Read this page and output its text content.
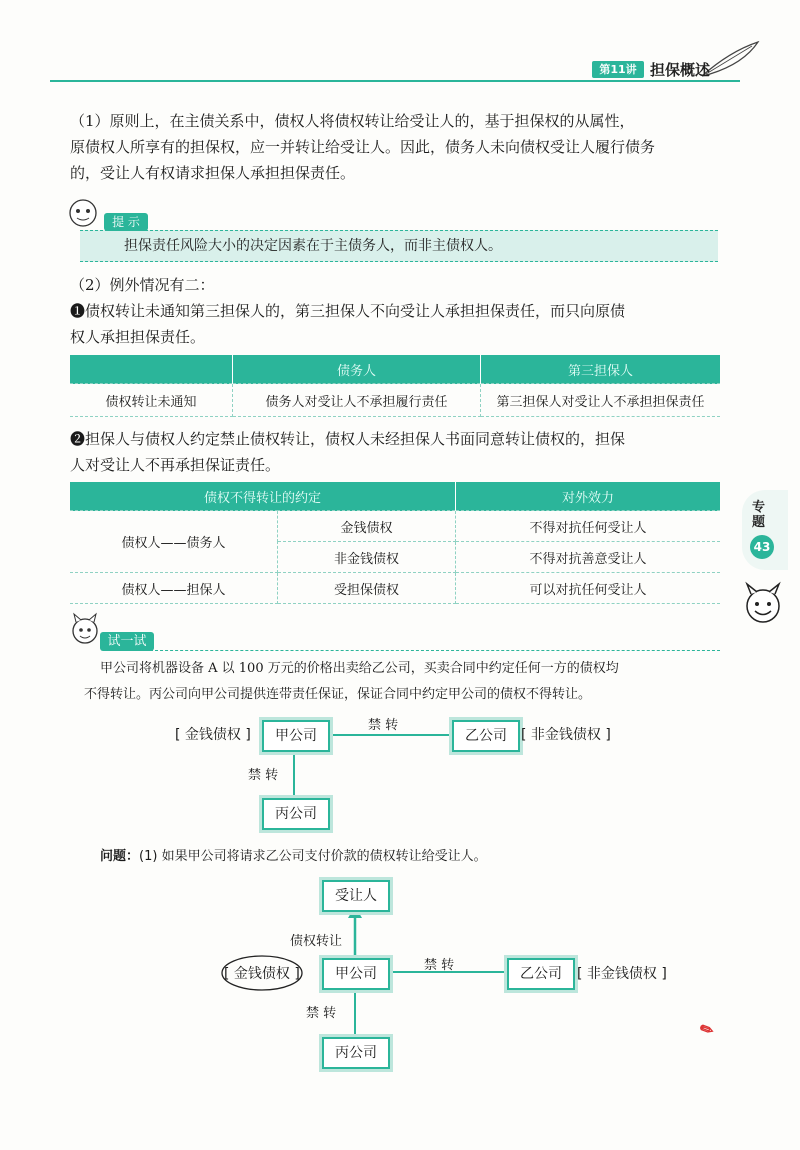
第11讲 担保概述
（1）原则上，在主债关系中，债权人将债权转让给受让人的，基于担保权的从属性，
原债权人所享有的担保权，应一并转让给受让人。因此，债务人未向债权受让人履行债务
的，受让人有权请求担保人承担担保责任。
提 示
担保责任风险大小的决定因素在于主债务人，而非主债权人。
（2）例外情况有二：
❶债权转让未通知第三担保人的，第三担保人不向受让人承担担保责任，而只向原债
权人承担担保责任。
	债务人	第三担保人
债权转让未通知	债务人对受让人不承担履行责任	第三担保人对受让人不承担担保责任
❷担保人与债权人约定禁止债权转让，债权人未经担保人书面同意转让债权的，担保
人对受让人不再承担保证责任。
债权不得转让的约定		对外效力
债权人——债务人	金钱债权	不得对抗任何受让人
	非金钱债权	不得对抗善意受让人
债权人——担保人	受担保债权	可以对抗任何受让人
专题
43
试一试
甲公司将机器设备 A 以 100 万元的价格出卖给乙公司，买卖合同中约定任何一方的债权均
不得转让。丙公司向甲公司提供连带责任保证，保证合同中约定甲公司的债权不得转让。
甲公司	乙公司
丙公司
[ 金钱债权 ]	[ 非金钱债权 ]
禁 转
禁 转
问题：(1) 如果甲公司将请求乙公司支付价款的债权转让给受让人。
受让人
债权转让
甲公司	乙公司
丙公司
[ 金钱债权 ]	[ 非金钱债权 ]
禁 转
禁 转
✎
